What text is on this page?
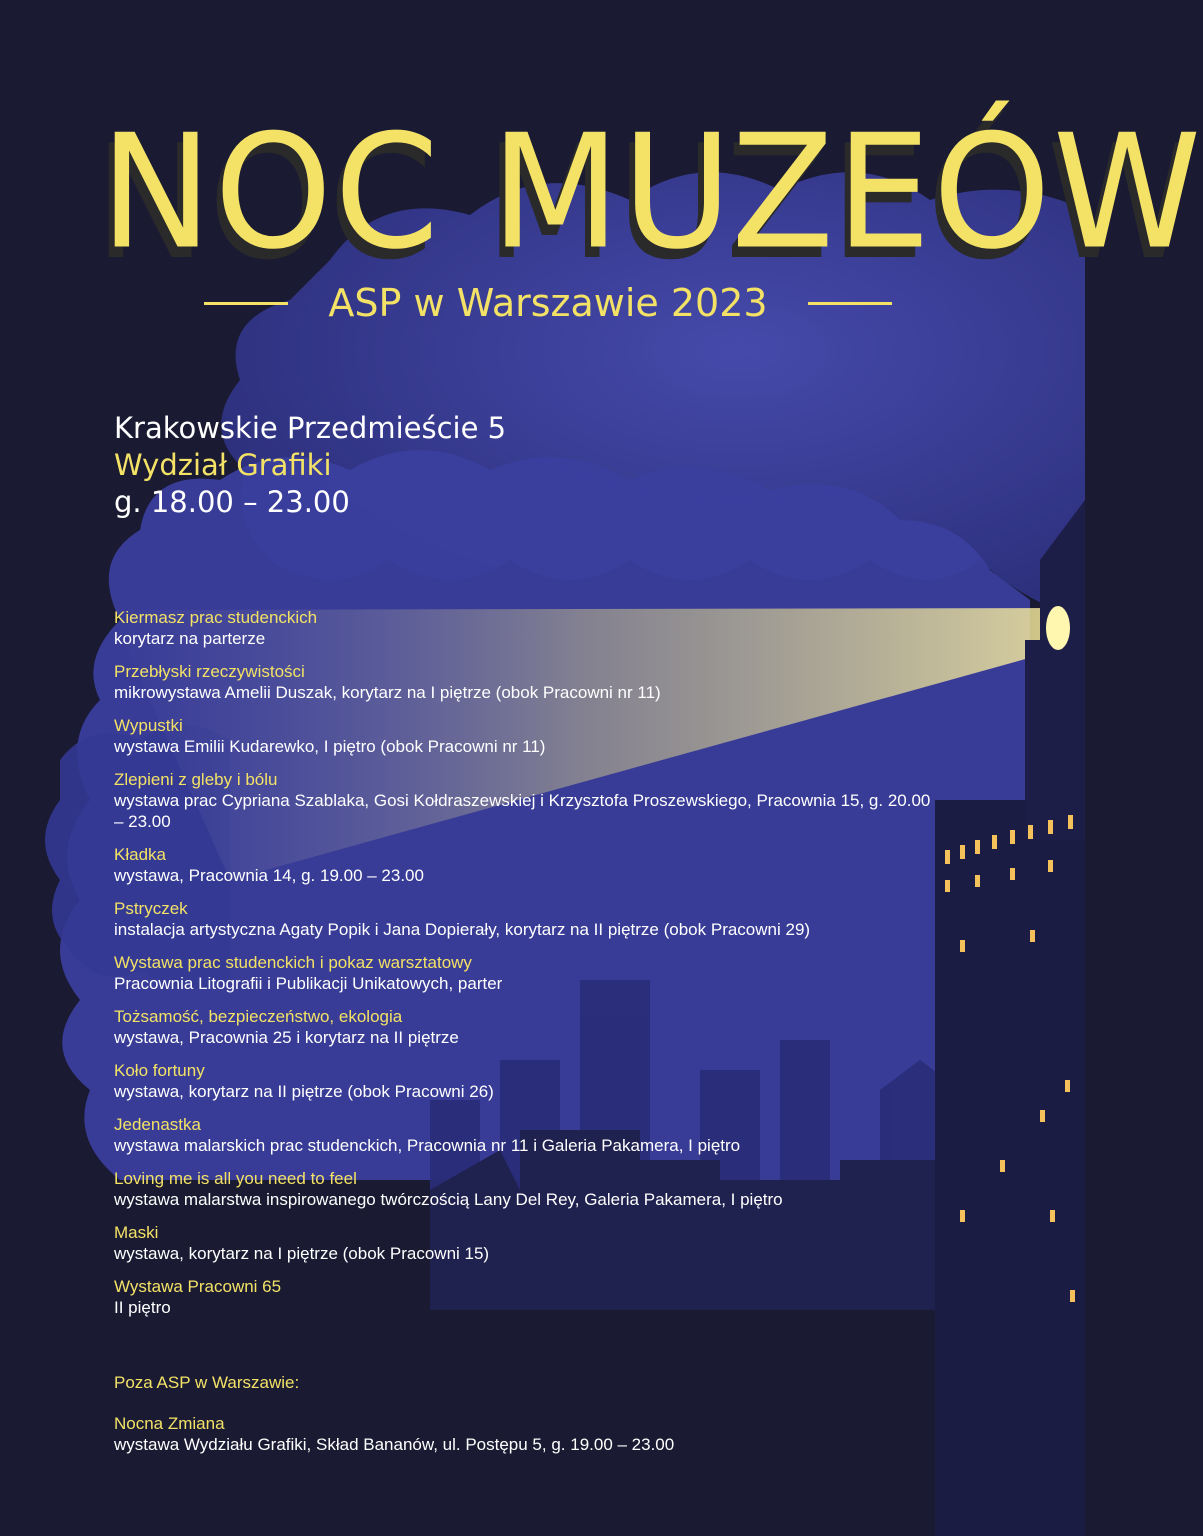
NOC MUZEÓW
ASP w Warszawie 2023
Krakowskie Przedmieście 5
Wydział Grafiki
g. 18.00 – 23.00
Kiermasz prac studenckich
korytarz na parterze
Przebłyski rzeczywistości
mikrowystawa Amelii Duszak, korytarz na I piętrze (obok Pracowni nr 11)
Wypustki
wystawa Emilii Kudarewko, I piętro (obok Pracowni nr 11)
Zlepieni z gleby i bólu
wystawa prac Cypriana Szablaka, Gosi Kołdraszewskiej i Krzysztofa Proszewskiego, Pracownia 15, g. 20.00 – 23.00
Kładka
wystawa, Pracownia 14, g. 19.00 – 23.00
Pstryczek
instalacja artystyczna Agaty Popik i Jana Dopierały, korytarz na II piętrze (obok Pracowni 29)
Wystawa prac studenckich i pokaz warsztatowy
Pracownia Litografii i Publikacji Unikatowych, parter
Tożsamość, bezpieczeństwo, ekologia
wystawa, Pracownia 25 i korytarz na II piętrze
Koło fortuny
wystawa, korytarz na II piętrze (obok Pracowni 26)
Jedenastka
wystawa malarskich prac studenckich, Pracownia nr 11 i Galeria Pakamera, I piętro
Loving me is all you need to feel
wystawa malarstwa inspirowanego twórczością Lany Del Rey, Galeria Pakamera, I piętro
Maski
wystawa, korytarz na I piętrze (obok Pracowni 15)
Wystawa Pracowni 65
II piętro
Poza ASP w Warszawie:
Nocna Zmiana
wystawa Wydziału Grafiki, Skład Bananów, ul. Postępu 5, g. 19.00 – 23.00
